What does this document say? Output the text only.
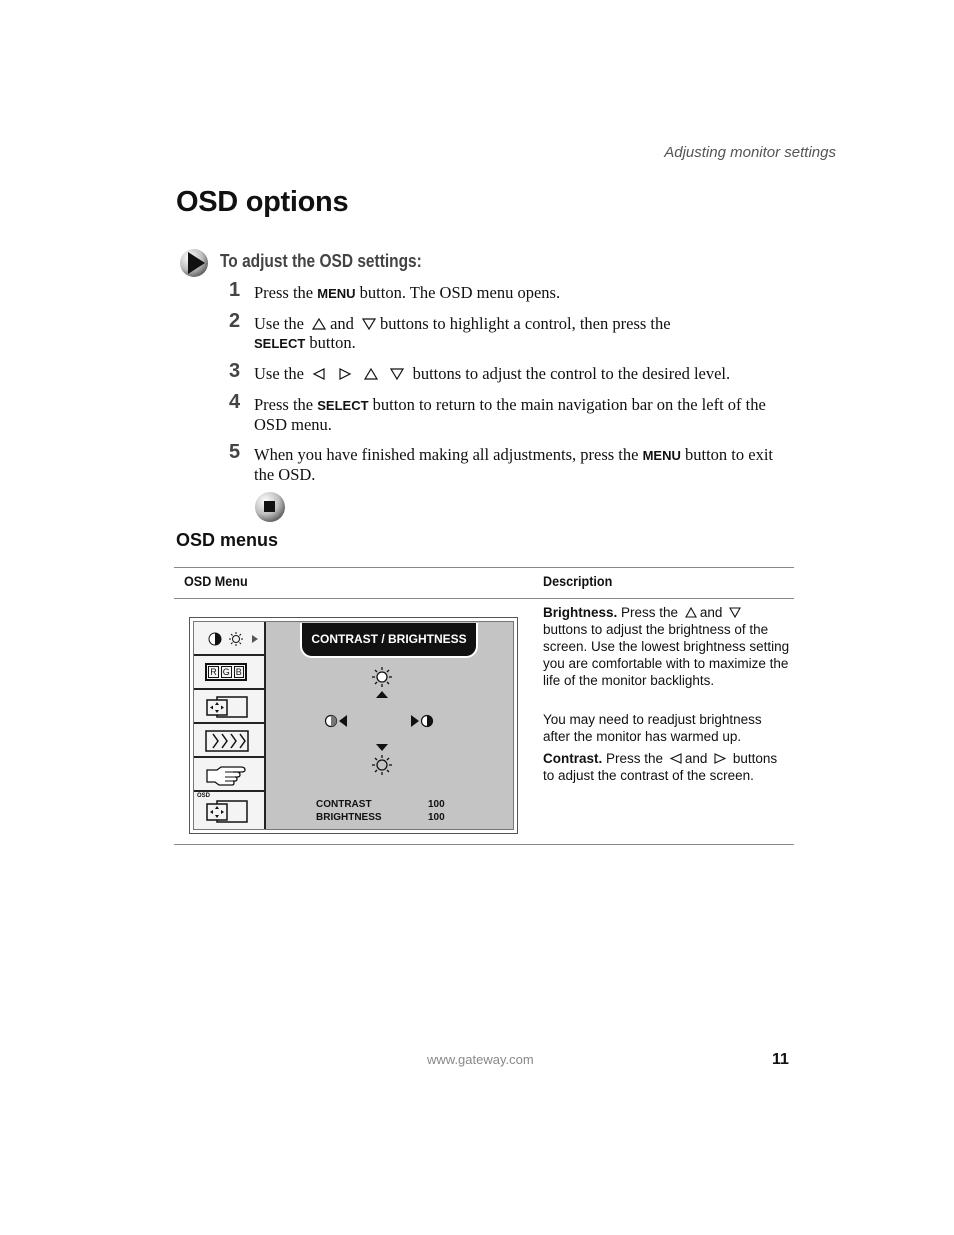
Adjusting monitor settings
OSD options
To adjust the OSD settings:
1 Press the MENU button. The OSD menu opens.
2 Use the and buttons to highlight a control, then press the
SELECT button.
3 Use the	buttons to adjust the control to the desired level.
4 Press the SELECT button to return to the main navigation bar on the left of the OSD menu.
5 When you have finished making all adjustments, press the MENU button to exit the OSD.
OSD menus
OSD Menu	Description
R G B
OSD
CONTRAST / BRIGHTNESS
CONTRAST	100
BRIGHTNESS	100
Brightness. Press the and  buttons to adjust the brightness of the screen. Use the lowest brightness setting you are comfortable with to maximize the life of the monitor backlights.
You may need to readjust brightness after the monitor has warmed up.
Contrast. Press the and buttons to adjust the contrast of the screen.
www.gateway.com	11
